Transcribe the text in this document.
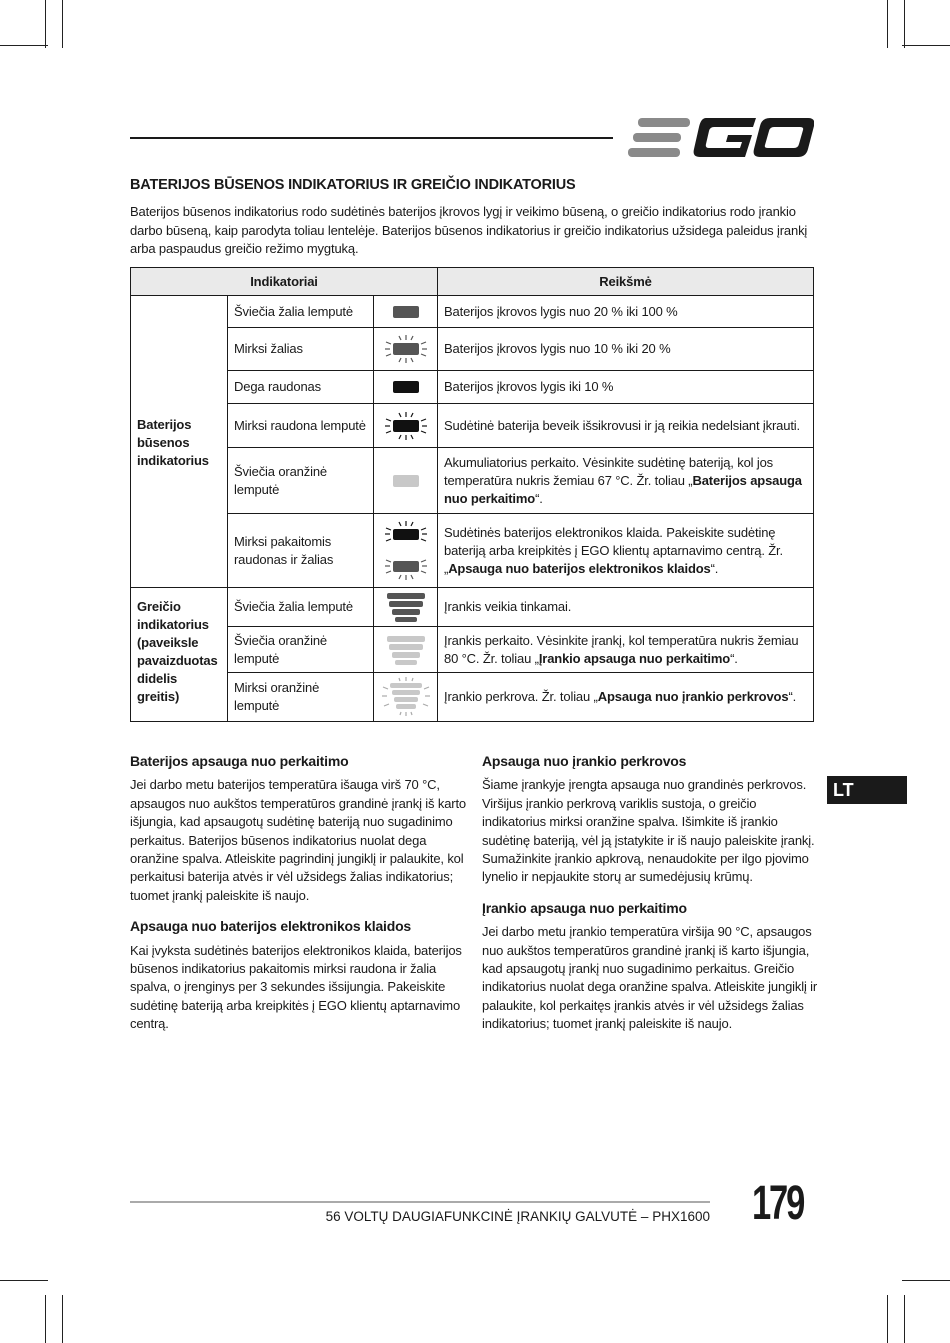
BATERIJOS BŪSENOS INDIKATORIUS IR GREIČIO INDIKATORIUS

Baterijos būsenos indikatorius rodo sudėtinės baterijos įkrovos lygį ir veikimo būseną, o greičio indikatorius rodo įrankio darbo būseną, kaip parodyta toliau lentelėje. Baterijos būsenos indikatorius ir greičio indikatorius užsidega paleidus įrankį arba paspaudus greičio režimo mygtuką.

Indikatoriai			Reikšmė

Baterijos būsenos indikatorius	Šviečia žalia lemputė		Baterijos įkrovos lygis nuo 20 % iki 100 %
	Mirksi žalias		Baterijos įkrovos lygis nuo 10 % iki 20 %
	Dega raudonas		Baterijos įkrovos lygis iki 10 %
	Mirksi raudona lemputė		Sudėtinė baterija beveik išsikrovusi ir ją reikia nedelsiant įkrauti.
	Šviečia oranžinė lemputė		Akumuliatorius perkaito. Vėsinkite sudėtinę bateriją, kol jos temperatūra nukris žemiau 67 °C. Žr. toliau „Baterijos apsauga nuo perkaitimo“.
	Mirksi pakaitomis raudonas ir žalias		Sudėtinės baterijos elektronikos klaida. Pakeiskite sudėtinę bateriją arba kreipkitės į EGO klientų aptarnavimo centrą. Žr. „Apsauga nuo baterijos elektronikos klaidos“.

Greičio indikatorius (paveiksle pavaizduotas didelis greitis)	Šviečia žalia lemputė		Įrankis veikia tinkamai.
	Šviečia oranžinė lemputė		Įrankis perkaito. Vėsinkite įrankį, kol temperatūra nukris žemiau 80 °C. Žr. toliau „Įrankio apsauga nuo perkaitimo“.
	Mirksi oranžinė lemputė		Įrankio perkrova. Žr. toliau „Apsauga nuo įrankio perkrovos“.
Baterijos apsauga nuo perkaitimo

Jei darbo metu baterijos temperatūra išauga virš 70 °C, apsaugos nuo aukštos temperatūros grandinė įrankį iš karto išjungia, kad apsaugotų sudėtinę bateriją nuo sugadinimo perkaitus. Baterijos būsenos indikatorius nuolat dega oranžine spalva. Atleiskite pagrindinį jungiklį ir palaukite, kol perkaitusi baterija atvės ir vėl užsidegs žalias indikatorius; tuomet įrankį paleiskite iš naujo.

Apsauga nuo baterijos elektronikos klaidos

Kai įvyksta sudėtinės baterijos elektronikos klaida, baterijos būsenos indikatorius pakaitomis mirksi raudona ir žalia spalva, o įrenginys per 3 sekundes išsijungia. Pakeiskite sudėtinę bateriją arba kreipkitės į EGO klientų aptarnavimo centrą.

Apsauga nuo įrankio perkrovos

Šiame įrankyje įrengta apsauga nuo grandinės perkrovos. Viršijus įrankio perkrovą variklis sustoja, o greičio indikatorius mirksi oranžine spalva. Išimkite iš įrankio sudėtinę bateriją, vėl ją įstatykite ir iš naujo paleiskite įrankį. Sumažinkite įrankio apkrovą, nenaudokite per ilgo pjovimo lynelio ir nepjaukite storų ar sumedėjusių krūmų.

Įrankio apsauga nuo perkaitimo

Jei darbo metu įrankio temperatūra viršija 90 °C, apsaugos nuo aukštos temperatūros grandinė įrankį iš karto išjungia, kad apsaugotų įrankį nuo sugadinimo perkaitus. Greičio indikatorius nuolat dega oranžine spalva. Atleiskite jungiklį ir palaukite, kol perkaitęs įrankis atvės ir vėl užsidegs žalias indikatorius; tuomet įrankį paleiskite iš naujo.

LT
56 VOLTŲ DAUGIAFUNKCINĖ ĮRANKIŲ GALVUTĖ – PHX1600 179
